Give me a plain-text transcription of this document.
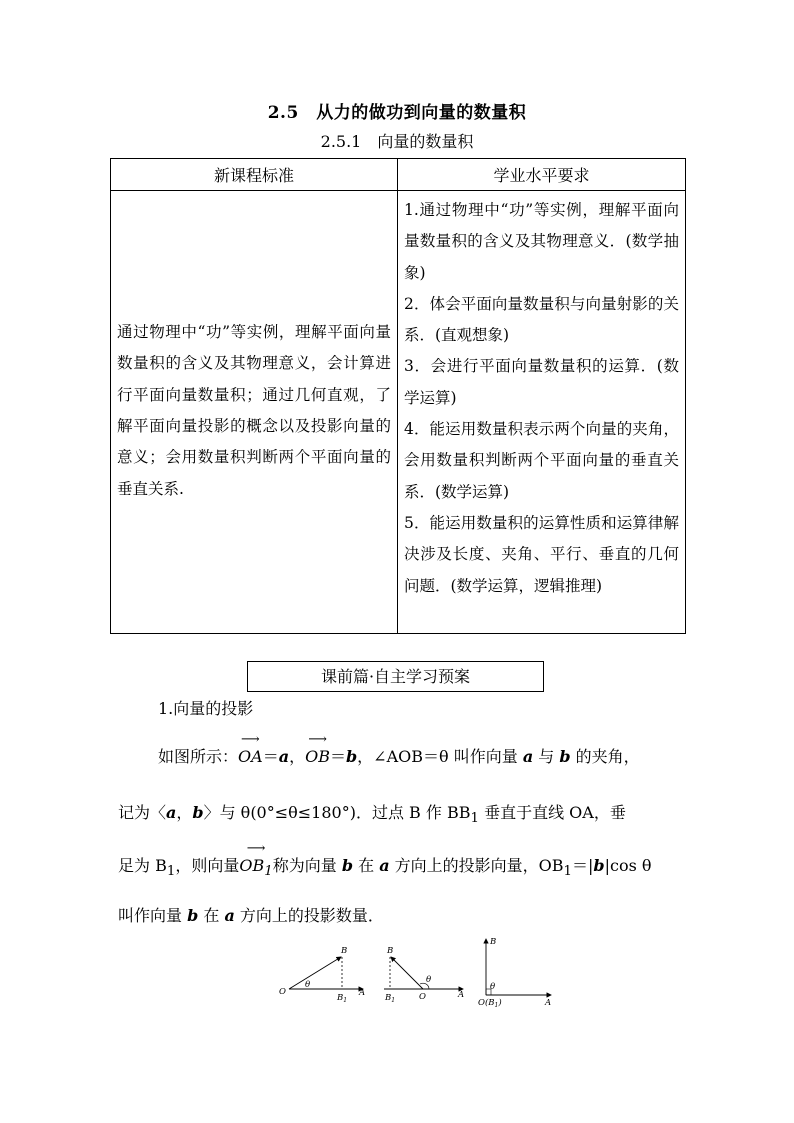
2.5　从力的做功到向量的数量积
2.5.1　向量的数量积
新课程标准	学业水平要求
通过物理中“功”等实例，理解平面向量数量积的含义及其物理意义，会计算进行平面向量数量积；通过几何直观，了解平面向量投影的概念以及投影向量的意义；会用数量积判断两个平面向量的垂直关系.	1.通过物理中“功”等实例，理解平面向量数量积的含义及其物理意义．(数学抽象)
2．体会平面向量数量积与向量射影的关系．(直观想象)
3．会进行平面向量数量积的运算．(数学运算)
4．能运用数量积表示两个向量的夹角，会用数量积判断两个平面向量的垂直关系．(数学运算)
5．能运用数量积的运算性质和运算律解决涉及长度、夹角、平行、垂直的几何问题．(数学运算，逻辑推理)
课前篇·自主学习预案
1.向量的投影
如图所示：
⟶
OA＝a，
⟶
OB＝b，∠AOB＝θ 叫作向量 a 与 b 的夹角，
记为〈a，b〉与 θ(0°≤θ≤180°)．过点 B 作 $BB_1$ 垂直于直线 OA，垂
足为 $B_1$，则向量
⟶
$OB_1$称为向量 b 在 a 方向上的投影向量，$OB_1=|b|\cos$ θ
叫作向量 b 在 a 方向上的投影数量．
B
O
θ
$B_1$
A
B
$B_1$	O
θ
A
B
θ
$O(B_1)$	A
